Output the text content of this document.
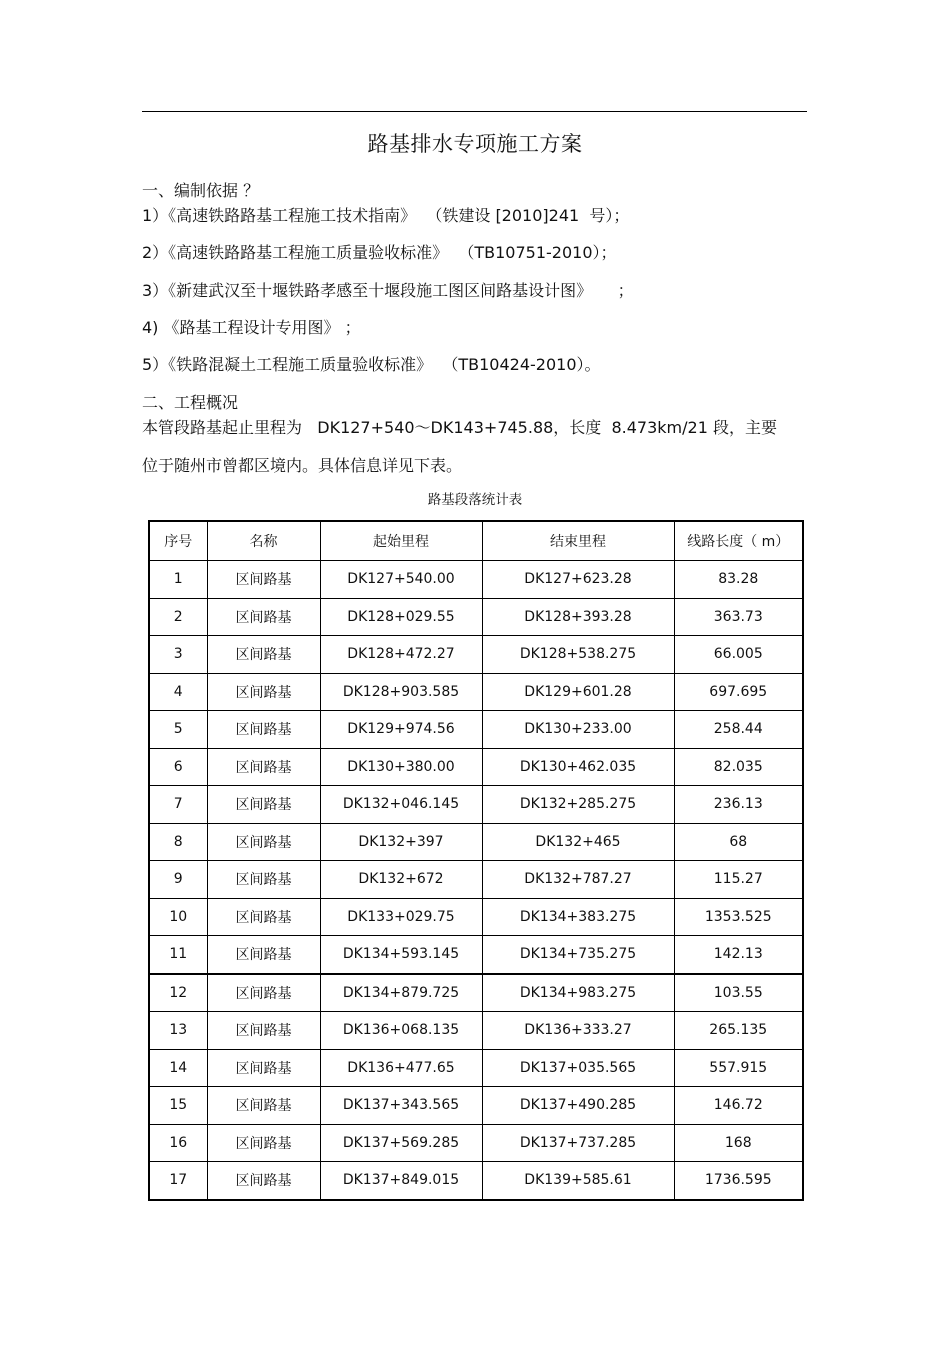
路基排水专项施工方案
一、编制依据 ？
1）《高速铁路路基工程施工技术指南》  （铁建设 [2010]241  号）；
2）《高速铁路路基工程施工质量验收标准》  （TB10751-2010）；
3）《新建武汉至十堰铁路孝感至十堰段施工图区间路基设计图》     ；
4) 《路基工程设计专用图》 ；
5）《铁路混凝土工程施工质量验收标准》  （TB10424-2010）。
二、工程概况
本管段路基起止里程为   DK127+540～DK143+745.88，长度  8.473km/21 段，主要
位于随州市曾都区境内。具体信息详见下表。
路基段落统计表
序号	名称	起始里程	结束里程	线路长度（ m）
1	区间路基	DK127+540.00	DK127+623.28	83.28
2	区间路基	DK128+029.55	DK128+393.28	363.73
3	区间路基	DK128+472.27	DK128+538.275	66.005
4	区间路基	DK128+903.585	DK129+601.28	697.695
5	区间路基	DK129+974.56	DK130+233.00	258.44
6	区间路基	DK130+380.00	DK130+462.035	82.035
7	区间路基	DK132+046.145	DK132+285.275	236.13
8	区间路基	DK132+397	DK132+465	68
9	区间路基	DK132+672	DK132+787.27	115.27
10	区间路基	DK133+029.75	DK134+383.275	1353.525
11	区间路基	DK134+593.145	DK134+735.275	142.13
12	区间路基	DK134+879.725	DK134+983.275	103.55
13	区间路基	DK136+068.135	DK136+333.27	265.135
14	区间路基	DK136+477.65	DK137+035.565	557.915
15	区间路基	DK137+343.565	DK137+490.285	146.72
16	区间路基	DK137+569.285	DK137+737.285	168
17	区间路基	DK137+849.015	DK139+585.61	1736.595
